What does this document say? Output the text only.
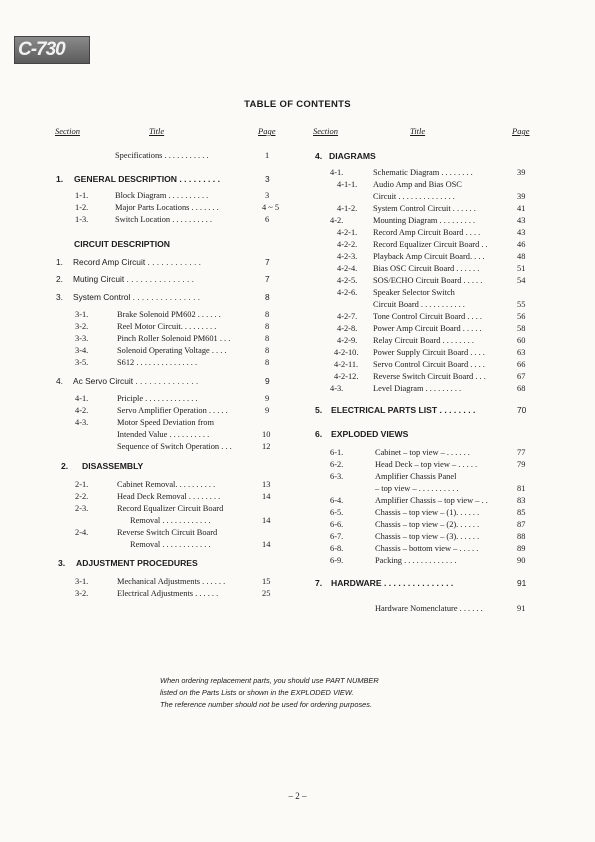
C-730
TABLE OF CONTENTS
Section	Title	Page	Section	Title	Page
Specifications . . . . . . . . . . .	1
1. GENERAL DESCRIPTION . . . . . . . . .	3
1-1.	Block Diagram . . . . . . . . . .	3
1-2.	Major Parts Locations . . . . . . .	4 ~ 5
1-3.	Switch Location . . . . . . . . . .	6
CIRCUIT DESCRIPTION
1. Record Amp Circuit . . . . . . . . . . . .	7
2. Muting Circuit . . . . . . . . . . . . . . .	7
3. System Control . . . . . . . . . . . . . . .	8
3-1.	Brake Solenoid PM602 . . . . . .	8
3-2.	Reel Motor Circuit. . . . . . . . .	8
3-3.	Pinch Roller Solenoid PM601 . . .	8
3-4.	Solenoid Operating Voltage . . . .	8
3-5.	S612 . . . . . . . . . . . . . . .	8
4. Ac Servo Circuit . . . . . . . . . . . . . .	9
4-1.	Priciple . . . . . . . . . . . . .	9
4-2.	Servo Amplifier Operation . . . . .	9
4-3.	Motor Speed Deviation from
Intended Value . . . . . . . . . .	10
Sequence of Switch Operation . . .	12
2. DISASSEMBLY
2-1.	Cabinet Removal. . . . . . . . . .	13
2-2.	Head Deck Removal . . . . . . . .	14
2-3.	Record Equalizer Circuit Board
Removal . . . . . . . . . . . .	14
2-4.	Reverse Switch Circuit Board
Removal . . . . . . . . . . . .	14
3. ADJUSTMENT PROCEDURES
3-1.	Mechanical Adjustments . . . . . .	15
3-2.	Electrical Adjustments . . . . . .	25
4. DIAGRAMS
4-1.	Schematic Diagram . . . . . . . .	39
4-1-1. Audio Amp and Bias OSC
Circuit . . . . . . . . . . . . . .	39
4-1-2. System Control Circuit . . . . . .	41
4-2.	Mounting Diagram . . . . . . . . .	43
4-2-1. Record Amp Circuit Board . . . .	43
4-2-2. Record Equalizer Circuit Board . .	46
4-2-3. Playback Amp Circuit Board. . . .	48
4-2-4. Bias OSC Circuit Board . . . . . .	51
4-2-5. SOS/ECHO Circuit Board . . . . .	54
4-2-6. Speaker Selector Switch
Circuit Board . . . . . . . . . . .	55
4-2-7. Tone Control Circuit Board . . . .	56
4-2-8. Power Amp Circuit Board . . . . .	58
4-2-9. Relay Circuit Board . . . . . . . .	60
4-2-10. Power Supply Circuit Board . . . .	63
4-2-11. Servo Control Circuit Board . . . .	66
4-2-12. Reverse Switch Circuit Board . . .	67
4-3.	Level Diagram . . . . . . . . .	68
5. ELECTRICAL PARTS LIST . . . . . . . .	70
6. EXPLODED VIEWS
6-1.	Cabinet – top view – . . . . . .	77
6-2.	Head Deck – top view – . . . . .	79
6-3.	Amplifier Chassis Panel
– top view – . . . . . . . . . .	81
6-4.	Amplifier Chassis – top view – . .	83
6-5.	Chassis – top view – (1). . . . . .	85
6-6.	Chassis – top view – (2). . . . . .	87
6-7.	Chassis – top view – (3). . . . . .	88
6-8.	Chassis – bottom view – . . . . .	89
6-9.	Packing . . . . . . . . . . . . .	90
7. HARDWARE . . . . . . . . . . . . . . .	91
Hardware Nomenclature . . . . . .	91
When ordering replacement parts, you should use PART NUMBER
listed on the Parts Lists or shown in the EXPLODED VIEW.
The reference number should not be used for ordering purposes.
– 2 –
